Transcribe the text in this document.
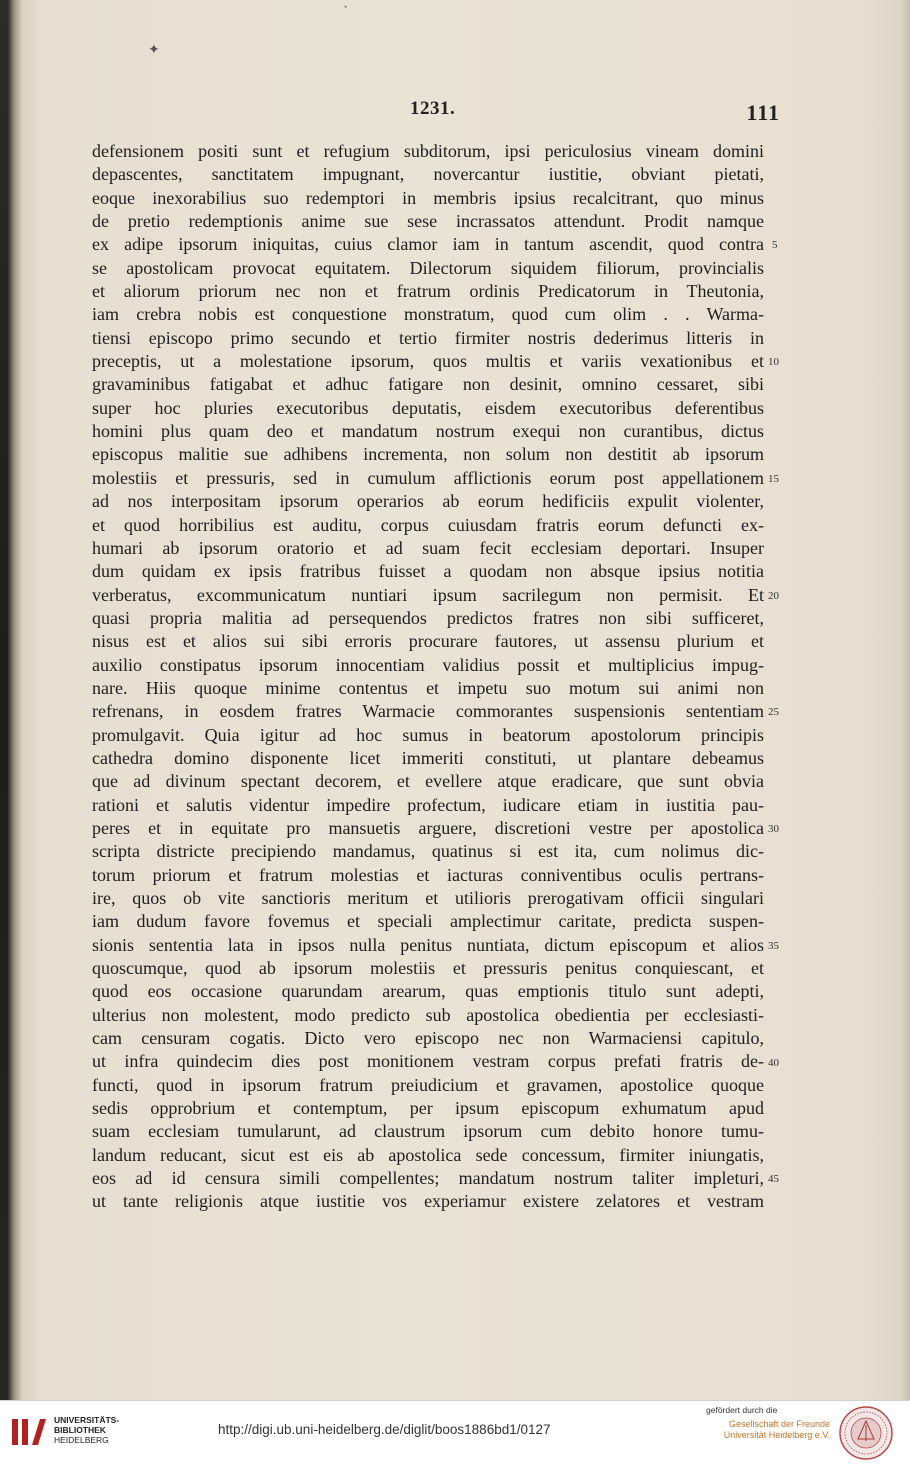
˺
✦
1231.	111
defensionem positi sunt et refugium subditorum, ipsi periculosius vineam domini
depascentes, sanctitatem impugnant, novercantur iustitie, obviant pietati,
eoque inexorabilius suo redemptori in membris ipsius recalcitrant, quo minus
de pretio redemptionis anime sue sese incrassatos attendunt. Prodit namque
ex adipe ipsorum iniquitas, cuius clamor iam in tantum ascendit, quod contra
se apostolicam provocat equitatem. Dilectorum siquidem filiorum, provincialis
et aliorum priorum nec non et fratrum ordinis Predicatorum in Theutonia,
iam crebra nobis est conquestione monstratum, quod cum olim . . Warma-
tiensi episcopo primo secundo et tertio firmiter nostris dederimus litteris in
preceptis, ut a molestatione ipsorum, quos multis et variis vexationibus et
gravaminibus fatigabat et adhuc fatigare non desinit, omnino cessaret, sibi
super hoc pluries executoribus deputatis, eisdem executoribus deferentibus
homini plus quam deo et mandatum nostrum exequi non curantibus, dictus
episcopus malitie sue adhibens incrementa, non solum non destitit ab ipsorum
molestiis et pressuris, sed in cumulum afflictionis eorum post appellationem
ad nos interpositam ipsorum operarios ab eorum hedificiis expulit violenter,
et quod horribilius est auditu, corpus cuiusdam fratris eorum defuncti ex-
humari ab ipsorum oratorio et ad suam fecit ecclesiam deportari. Insuper
dum quidam ex ipsis fratribus fuisset a quodam non absque ipsius notitia
verberatus, excommunicatum nuntiari ipsum sacrilegum non permisit. Et
quasi propria malitia ad persequendos predictos fratres non sibi sufficeret,
nisus est et alios sui sibi erroris procurare fautores, ut assensu plurium et
auxilio constipatus ipsorum innocentiam validius possit et multiplicius impug-
nare. Hiis quoque minime contentus et impetu suo motum sui animi non
refrenans, in eosdem fratres Warmacie commorantes suspensionis sententiam
promulgavit. Quia igitur ad hoc sumus in beatorum apostolorum principis
cathedra domino disponente licet immeriti constituti, ut plantare debeamus
que ad divinum spectant decorem, et evellere atque eradicare, que sunt obvia
rationi et salutis videntur impedire profectum, iudicare etiam in iustitia pau-
peres et in equitate pro mansuetis arguere, discretioni vestre per apostolica
scripta districte precipiendo mandamus, quatinus si est ita, cum nolimus dic-
torum priorum et fratrum molestias et iacturas conniventibus oculis pertrans-
ire, quos ob vite sanctioris meritum et utilioris prerogativam officii singulari
iam dudum favore fovemus et speciali amplectimur caritate, predicta suspen-
sionis sententia lata in ipsos nulla penitus nuntiata, dictum episcopum et alios
quoscumque, quod ab ipsorum molestiis et pressuris penitus conquiescant, et
quod eos occasione quarundam arearum, quas emptionis titulo sunt adepti,
ulterius non molestent, modo predicto sub apostolica obedientia per ecclesiasti-
cam censuram cogatis. Dicto vero episcopo nec non Warmaciensi capitulo,
ut infra quindecim dies post monitionem vestram corpus prefati fratris de-
functi, quod in ipsorum fratrum preiudicium et gravamen, apostolice quoque
sedis opprobrium et contemptum, per ipsum episcopum exhumatum apud
suam ecclesiam tumularunt, ad claustrum ipsorum cum debito honore tumu-
landum reducant, sicut est eis ab apostolica sede concessum, firmiter iniungatis,
eos ad id censura simili compellentes; mandatum nostrum taliter impleturi,
ut tante religionis atque iustitie vos experiamur existere zelatores et vestram
5
10
15
20
25
30
35
40
45
UNIVERSITÄTS-
BIBLIOTHEK
HEIDELBERG
http://digi.ub.uni-heidelberg.de/diglit/boos1886bd1/0127
gefördert durch die
Gesellschaft der Freunde
Universität Heidelberg e.V.
